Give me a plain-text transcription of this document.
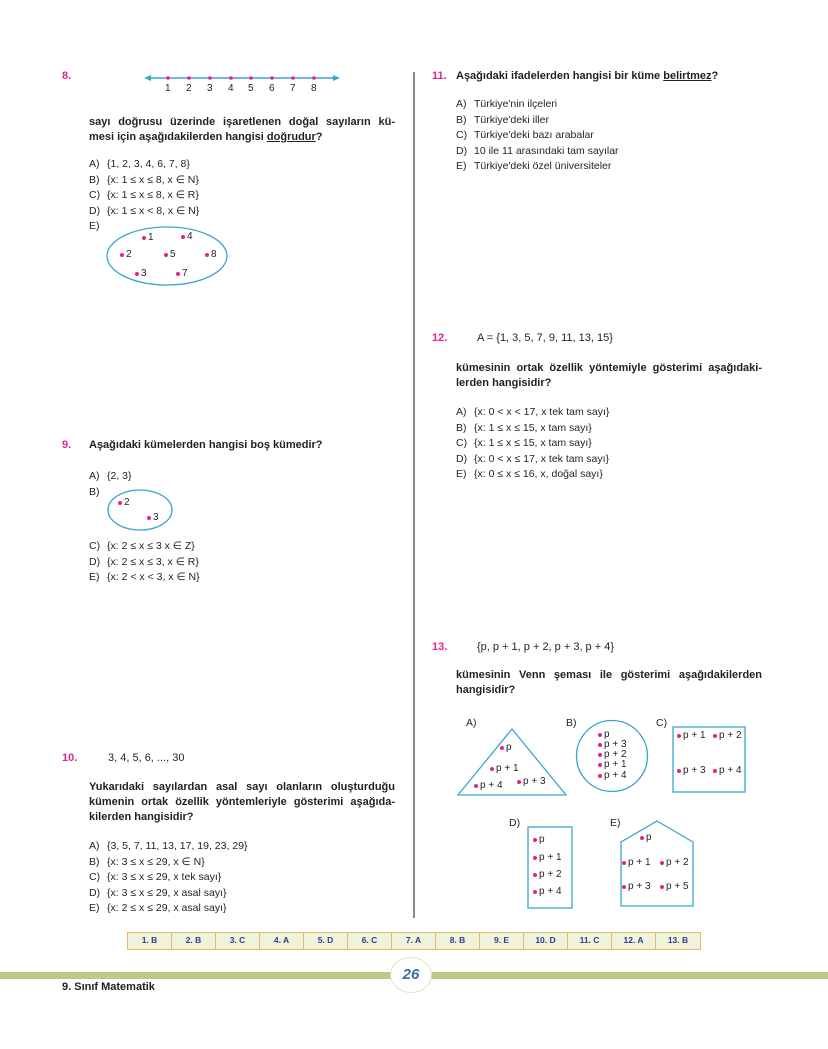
8.
1 2 3 4 5 6 7 8
sayı doğrusu üzerinde işaretlenen doğal sayıların kü-
mesi için aşağıdakilerden hangisi doğrudur?
A) {1, 2, 3, 4, 6, 7, 8}
B) {x: 1 ≤ x ≤ 8, x ∈ N}
C) {x: 1 ≤ x ≤ 8, x ∈ R}
D) {x: 1 ≤ x < 8, x ∈ N}
E)
1	4
2	5	8
3	7
9. Aşağıdaki kümelerden hangisi boş kümedir?
A) {2, 3}
B)
2
3
C) {x: 2 ≤ x ≤ 3 x ∈ Z}
D) {x: 2 ≤ x ≤ 3, x ∈ R}
E) {x: 2 < x < 3, x ∈ N}
10.	3, 4, 5, 6, ..., 30
Yukarıdaki sayılardan asal sayı olanların oluşturduğu
kümenin ortak özellik yöntemleriyle gösterimi aşağıda-
kilerden hangisidir?
A) {3, 5, 7, 11, 13, 17, 19, 23, 29}
B) {x: 3 ≤ x ≤ 29, x ∈ N}
C) {x: 3 ≤ x ≤ 29, x tek sayı}
D) {x: 3 ≤ x ≤ 29, x asal sayı}
E) {x: 2 ≤ x ≤ 29, x asal sayı}
11. Aşağıdaki ifadelerden hangisi bir küme belirtmez?
A) Türkiye'nin ilçeleri
B) Türkiye'deki iller
C) Türkiye'deki bazı arabalar
D) 10 ile 11 arasındaki tam sayılar
E) Türkiye'deki özel üniversiteler
12.	A = {1, 3, 5, 7, 9, 11, 13, 15}
kümesinin ortak özellik yöntemiyle gösterimi aşağıdaki-
lerden hangisidir?
A) {x: 0 < x < 17, x tek tam sayı}
B) {x: 1 ≤ x ≤ 15, x tam sayı}
C) {x: 1 ≤ x ≤ 15, x tam sayı}
D) {x: 0 < x ≤ 17, x tek tam sayı}
E) {x: 0 ≤ x ≤ 16, x, doğal sayı}
13.	{p, p + 1, p + 2, p + 3, p + 4}
kümesinin Venn şeması ile gösterimi aşağıdakilerden
hangisidir?
A)
p
p + 1
p + 4 p + 3
B)
p
p + 3
p + 2
p + 1
p + 4
C)
p + 1 p + 2
p + 3 p + 4
D)
p
p + 1
p + 2
p + 4
E)
p
p + 1 p + 2
p + 3 p + 5
1. B	2. B	3. C	4. A	5. D	6. C	7. A	8. B	9. E	10. D	11. C	12. A	13. B
26
9. Sınıf Matematik
